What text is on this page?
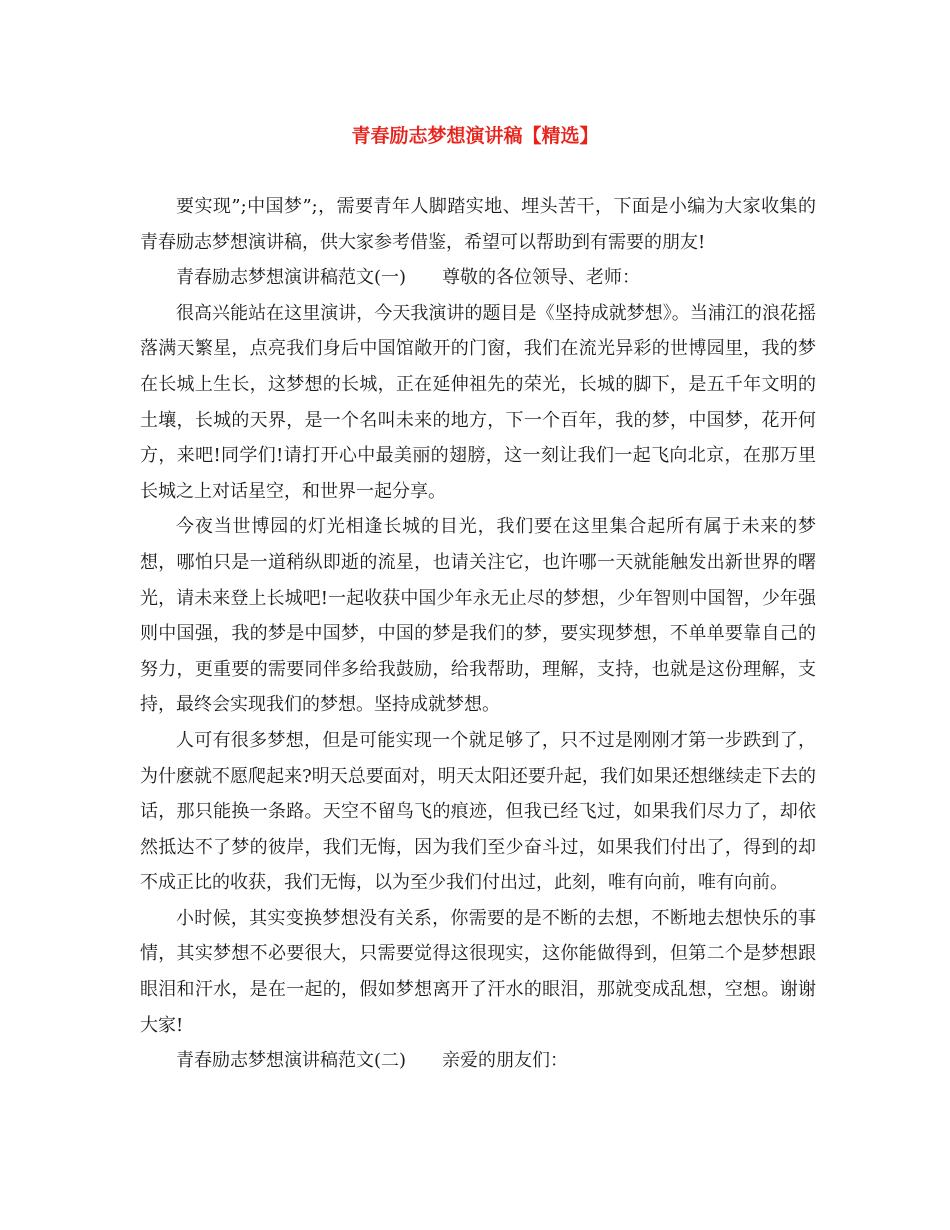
青春励志梦想演讲稿【精选】

要实现”;中国梦”;，需要青年人脚踏实地、埋头苦干，下面是小编为大家收集的青春励志梦想演讲稿，供大家参考借鉴，希望可以帮助到有需要的朋友!

青春励志梦想演讲稿范文(一)　　尊敬的各位领导、老师：

很高兴能站在这里演讲，今天我演讲的题目是《坚持成就梦想》。当浦江的浪花摇落满天繁星，点亮我们身后中国馆敞开的门窗，我们在流光异彩的世博园里，我的梦在长城上生长，这梦想的长城，正在延伸祖先的荣光，长城的脚下，是五千年文明的土壤，长城的天界，是一个名叫未来的地方，下一个百年，我的梦，中国梦，花开何方，来吧!同学们!请打开心中最美丽的翅膀，这一刻让我们一起飞向北京，在那万里长城之上对话星空，和世界一起分享。

今夜当世博园的灯光相逢长城的目光，我们要在这里集合起所有属于未来的梦想，哪怕只是一道稍纵即逝的流星，也请关注它，也许哪一天就能触发出新世界的曙光，请未来登上长城吧!一起收获中国少年永无止尽的梦想，少年智则中国智，少年强则中国强，我的梦是中国梦，中国的梦是我们的梦，要实现梦想，不单单要靠自己的努力，更重要的需要同伴多给我鼓励，给我帮助，理解，支持，也就是这份理解，支持，最终会实现我们的梦想。坚持成就梦想。

人可有很多梦想，但是可能实现一个就足够了，只不过是刚刚才第一步跌到了，为什麽就不愿爬起来?明天总要面对，明天太阳还要升起，我们如果还想继续走下去的话，那只能换一条路。天空不留鸟飞的痕迹，但我已经飞过，如果我们尽力了，却依然抵达不了梦的彼岸，我们无悔，因为我们至少奋斗过，如果我们付出了，得到的却不成正比的收获，我们无悔，以为至少我们付出过，此刻，唯有向前，唯有向前。

小时候，其实变换梦想没有关系，你需要的是不断的去想，不断地去想快乐的事情，其实梦想不必要很大，只需要觉得这很现实，这你能做得到，但第二个是梦想跟眼泪和汗水，是在一起的，假如梦想离开了汗水的眼泪，那就变成乱想，空想。谢谢大家!

青春励志梦想演讲稿范文(二)　　亲爱的朋友们：
